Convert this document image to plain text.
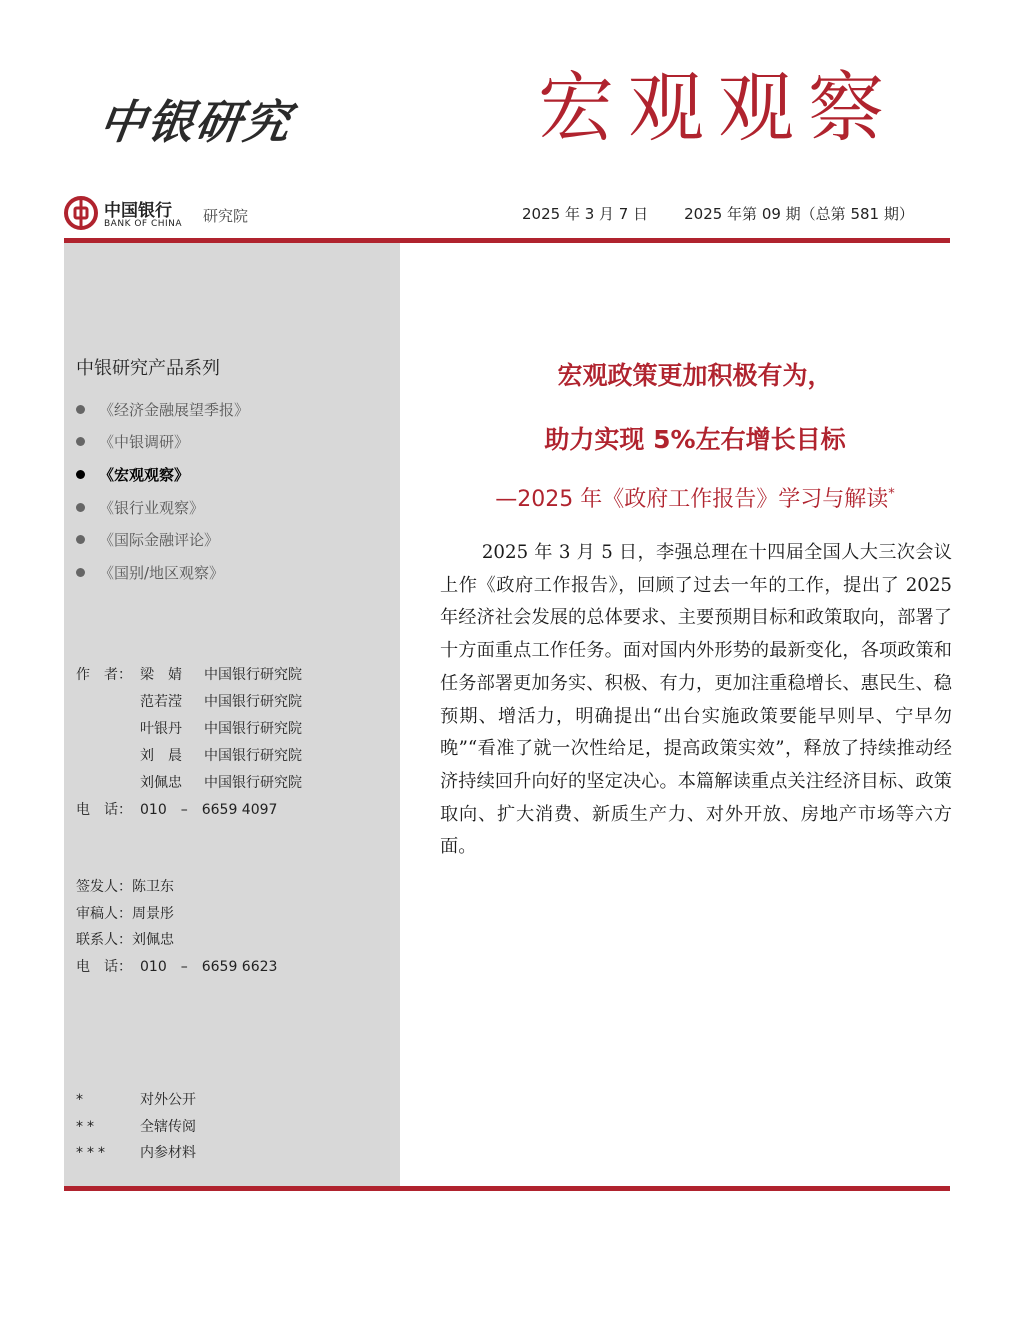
中银研究	宏观观察
中国银行
BANK OF CHINA 研究院	2025 年 3 月 7 日 2025 年第 09 期（总第 581 期）
中银研究产品系列
《经济金融展望季报》
《中银调研》
《宏观观察》
《银行业观察》
《国际金融评论》
《国别/地区观察》
作　者： 梁　婧	中国银行研究院
范若滢	中国银行研究院
叶银丹	中国银行研究院
刘　晨	中国银行研究院
刘佩忠	中国银行研究院
电　话： 010　–　6659 4097
签发人：陈卫东
审稿人：周景彤
联系人：刘佩忠
电　话： 010　–　6659 6623
*	对外公开
**	全辖传阅
***	内参材料
宏观政策更加积极有为，
助力实现 5%左右增长目标
—2025 年《政府工作报告》学习与解读*

2025 年 3 月 5 日，李强总理在十四届全国人大三次会议上作《政府工作报告》，回顾了过去一年的工作，提出了 2025 年经济社会发展的总体要求、主要预期目标和政策取向，部署了十方面重点工作任务。面对国内外形势的最新变化，各项政策和任务部署更加务实、积极、有力，更加注重稳增长、惠民生、稳预期、增活力，明确提出“出台实施政策要能早则早、宁早勿晚”“看准了就一次性给足，提高政策实效”，释放了持续推动经济持续回升向好的坚定决心。本篇解读重点关注经济目标、政策取向、扩大消费、新质生产力、对外开放、房地产市场等六方面。
